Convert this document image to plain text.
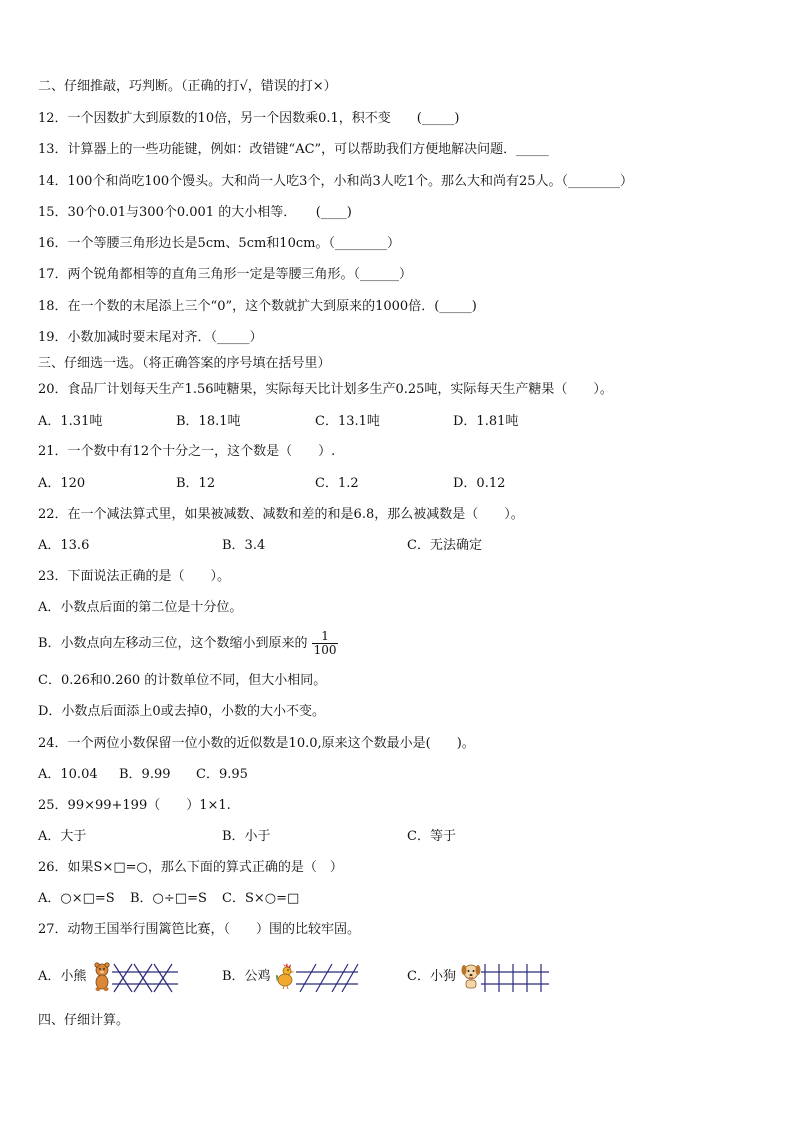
二、仔细推敲，巧判断。（正确的打√，错误的打×）
12．一个因数扩大到原数的10倍，另一个因数乘0.1，积不变　　(_____)
13．计算器上的一些功能键，例如：改错键“AC”，可以帮助我们方便地解决问题．_____
14．100个和尚吃100个馒头。大和尚一人吃3个，小和尚3人吃1个。那么大和尚有25人。（________）
15．30个0.01与300个0.001 的大小相等．　　(____)
16．一个等腰三角形边长是5cm、5cm和10cm。（________）
17．两个锐角都相等的直角三角形一定是等腰三角形。（______）
18．在一个数的末尾添上三个“0”，这个数就扩大到原来的1000倍．(_____)
19．小数加减时要末尾对齐．（_____）
三、仔细选一选。（将正确答案的序号填在括号里）
20．食品厂计划每天生产1.56吨糖果，实际每天比计划多生产0.25吨，实际每天生产糖果（　　）。
A．1.31吨	B．18.1吨	C．13.1吨	D．1.81吨
21．一个数中有12个十分之一，这个数是（　　）.
A．120	B．12	C．1.2	D．0.12
22．在一个减法算式里，如果被减数、减数和差的和是6.8，那么被减数是（　　）。
A．13.6	B．3.4	C．无法确定
23．下面说法正确的是（　　）。
A．小数点后面的第二位是十分位。
B．小数点向左移动三位，这个数缩小到原来的 $\frac{1}{100}$
C．0.26和0.260 的计数单位不同，但大小相同。
D．小数点后面添上0或去掉0，小数的大小不变。
24．一个两位小数保留一位小数的近似数是10.0,原来这个数最小是(　　)。
A．10.04 B．9.99 C．9.95
25．99×99+199（　　）1×1.
A．大于	B．小于	C．等于
26．如果S×□=○，那么下面的算式正确的是（　）
A．○×□=S B．○÷□=S C．S×○=□
27．动物王国举行围篱笆比赛，（　　）围的比较牢固。
A．小熊	B．公鸡	C．小狗
四、仔细计算。
